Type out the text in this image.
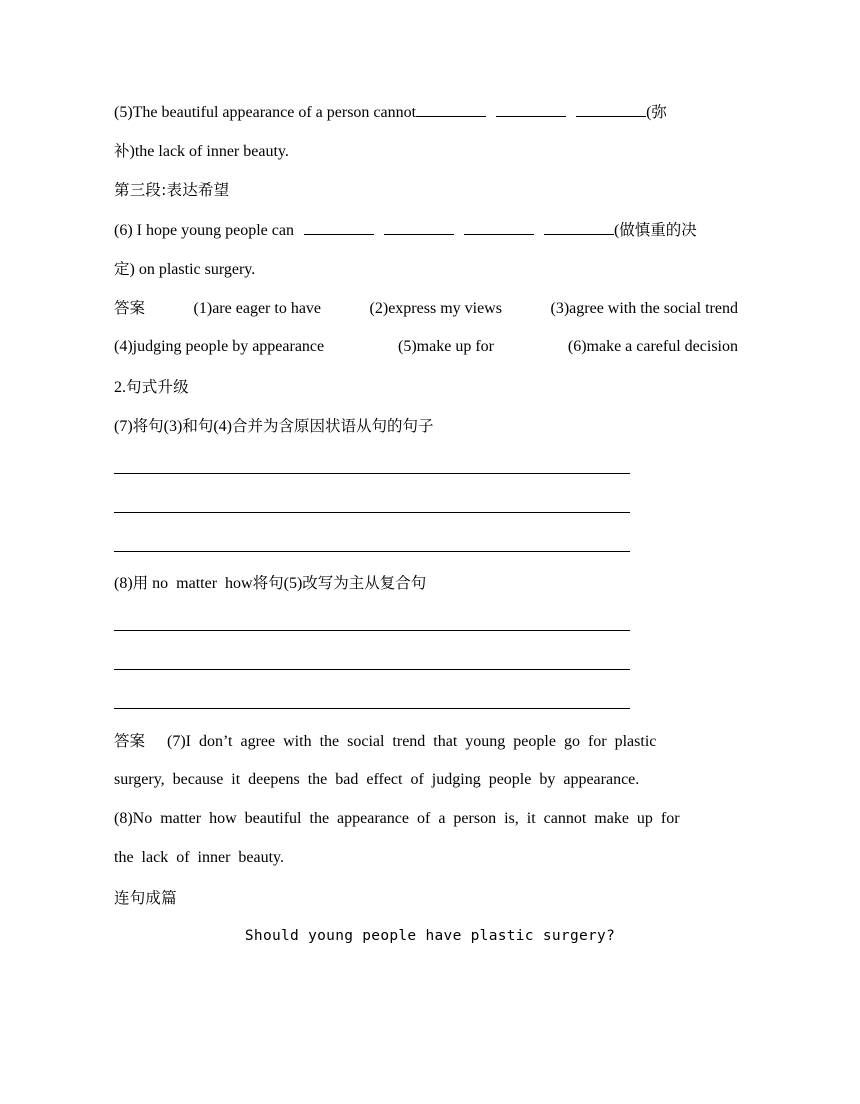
(5)The beautiful appearance of a person cannot	(弥
补)the lack of inner beauty.
第三段:表达希望
(6) I hope young people can	(做慎重的决
定) on plastic surgery.
答案	(1)are eager to have	(2)express my views	(3)agree with the social trend
(4)judging people by appearance	(5)make up for	(6)make a careful decision
2.句式升级
(7)将句(3)和句(4)合并为含原因状语从句的句子
(8)用 no  matter  how将句(5)改写为主从复合句
答案 (7)I  don’t  agree  with  the  social  trend  that  young  people  go  for  plastic
surgery,  because  it  deepens  the  bad  effect  of  judging  people  by  appearance.
(8)No  matter  how  beautiful  the  appearance  of  a  person  is,  it  cannot  make  up  for
the  lack  of  inner  beauty.
连句成篇
Should young people have plastic surgery?
